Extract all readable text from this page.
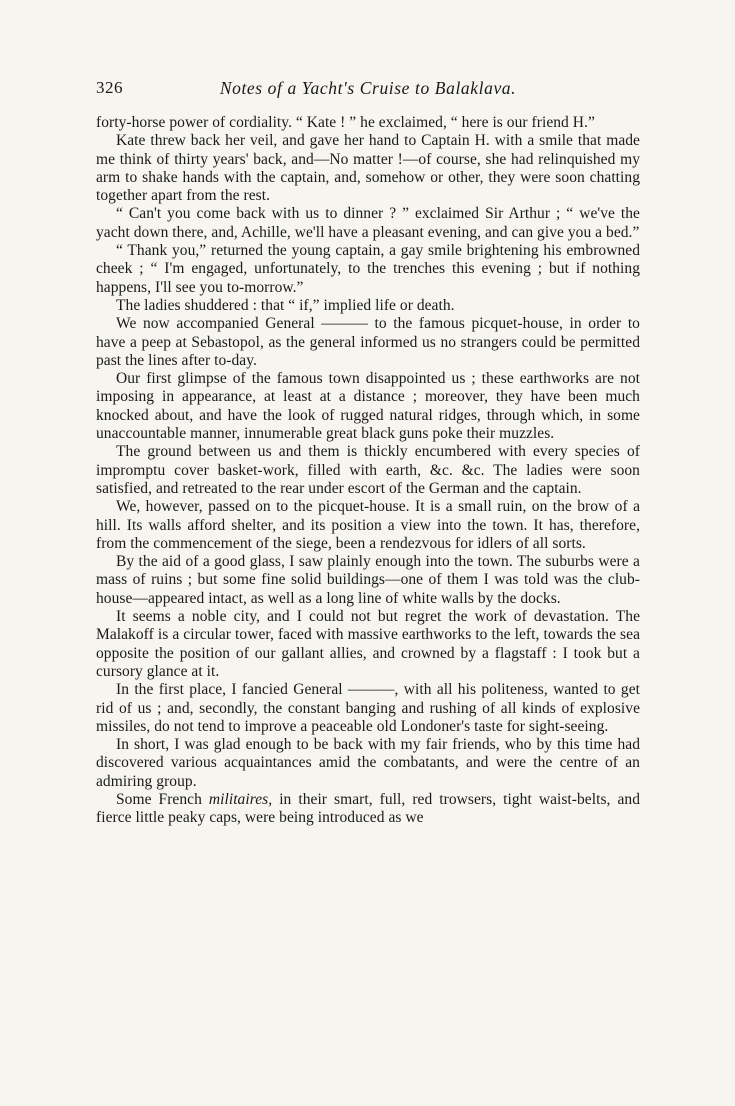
326	Notes of a Yacht's Cruise to Balaklava.

forty-horse power of cordiality. “ Kate ! ” he exclaimed, “ here is our friend H.”

Kate threw back her veil, and gave her hand to Captain H. with a smile that made me think of thirty years' back, and—No matter !—of course, she had relinquished my arm to shake hands with the captain, and, somehow or other, they were soon chatting together apart from the rest.

“ Can't you come back with us to dinner ? ” exclaimed Sir Arthur ; “ we've the yacht down there, and, Achille, we'll have a pleasant evening, and can give you a bed.”

“ Thank you,” returned the young captain, a gay smile brightening his embrowned cheek ; “ I'm engaged, unfortunately, to the trenches this evening ; but if nothing happens, I'll see you to-morrow.”

The ladies shuddered : that “ if,” implied life or death.

We now accompanied General ——— to the famous picquet-house, in order to have a peep at Sebastopol, as the general informed us no strangers could be permitted past the lines after to-day.

Our first glimpse of the famous town disappointed us ; these earthworks are not imposing in appearance, at least at a distance ; moreover, they have been much knocked about, and have the look of rugged natural ridges, through which, in some unaccountable manner, innumerable great black guns poke their muzzles.

The ground between us and them is thickly encumbered with every species of impromptu cover basket-work, filled with earth, &c. &c. The ladies were soon satisfied, and retreated to the rear under escort of the German and the captain.

We, however, passed on to the picquet-house. It is a small ruin, on the brow of a hill. Its walls afford shelter, and its position a view into the town. It has, therefore, from the commencement of the siege, been a rendezvous for idlers of all sorts.

By the aid of a good glass, I saw plainly enough into the town. The suburbs were a mass of ruins ; but some fine solid buildings—one of them I was told was the club-house—appeared intact, as well as a long line of white walls by the docks.

It seems a noble city, and I could not but regret the work of devastation. The Malakoff is a circular tower, faced with massive earthworks to the left, towards the sea opposite the position of our gallant allies, and crowned by a flagstaff : I took but a cursory glance at it.

In the first place, I fancied General ———, with all his politeness, wanted to get rid of us ; and, secondly, the constant banging and rushing of all kinds of explosive missiles, do not tend to improve a peaceable old Londoner's taste for sight-seeing.

In short, I was glad enough to be back with my fair friends, who by this time had discovered various acquaintances amid the combatants, and were the centre of an admiring group.

Some French militaires, in their smart, full, red trowsers, tight waist-belts, and fierce little peaky caps, were being introduced as we
